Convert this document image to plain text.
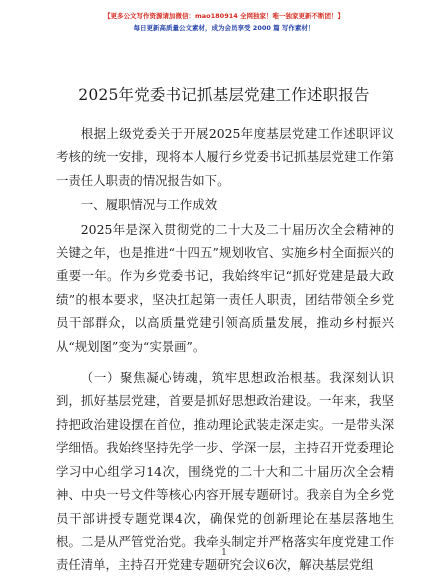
【更多公文写作资源请加微信：mao180914 全网独家！唯一独家更新不断团！】
每日更新高质量公文素材，成为会员享受 2000 篇 写作素材！
2025年党委书记抓基层党建工作述职报告

根据上级党委关于开展2025年度基层党建工作述职评议考核的统一安排，现将本人履行乡党委书记抓基层党建工作第一责任人职责的情况报告如下。

一、履职情况与工作成效

2025年是深入贯彻党的二十大及二十届历次全会精神的关键之年，也是推进“十四五”规划收官、实施乡村全面振兴的重要一年。作为乡党委书记，我始终牢记“抓好党建是最大政绩”的根本要求，坚决扛起第一责任人职责，团结带领全乡党员干部群众，以高质量党建引领高质量发展，推动乡村振兴从“规划图”变为“实景画”。

（一）聚焦凝心铸魂，筑牢思想政治根基。我深刻认识到，抓好基层党建，首要是抓好思想政治建设。一年来，我坚持把政治建设摆在首位，推动理论武装走深走实。一是带头深学细悟。我始终坚持先学一步、学深一层，主持召开党委理论学习中心组学习14次，围绕党的二十大和二十届历次全会精神、中央一号文件等核心内容开展专题研讨。我亲自为全乡党员干部讲授专题党课4次，确保党的创新理论在基层落地生根。二是从严管党治党。我牵头制定并严格落实年度党建工作责任清单，主持召开党建专题研究会议6次，解决基层党组

1
